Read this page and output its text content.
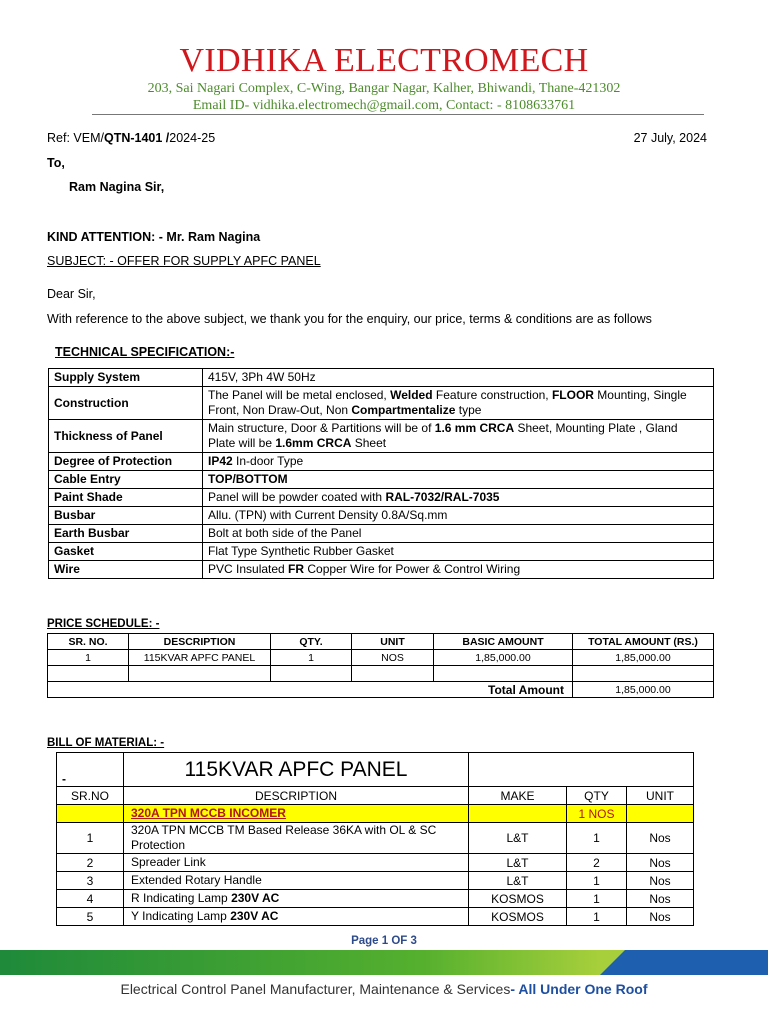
VIDHIKA ELECTROMECH
203, Sai Nagari Complex, C-Wing, Bangar Nagar, Kalher, Bhiwandi, Thane-421302
Email ID- vidhika.electromech@gmail.com, Contact: - 8108633761
Ref: VEM/QTN-1401 /2024-25	27 July, 2024
To,
Ram Nagina Sir,
KIND ATTENTION: - Mr. Ram Nagina
SUBJECT: - OFFER FOR SUPPLY APFC PANEL
Dear Sir,
With reference to the above subject, we thank you for the enquiry, our price, terms & conditions are as follows
TECHNICAL SPECIFICATION:-
Supply System	415V, 3Ph 4W 50Hz
Construction	The Panel will be metal enclosed, Welded Feature construction, FLOOR Mounting, Single Front, Non Draw-Out, Non Compartmentalize type
Thickness of Panel	Main structure, Door & Partitions will be of 1.6 mm CRCA Sheet, Mounting Plate , Gland Plate will be 1.6mm CRCA Sheet
Degree of Protection	IP42 In-door Type
Cable Entry	TOP/BOTTOM
Paint Shade	Panel will be powder coated with RAL-7032/RAL-7035
Busbar	Allu. (TPN) with Current Density 0.8A/Sq.mm
Earth Busbar	Bolt at both side of the Panel
Gasket	Flat Type Synthetic Rubber Gasket
Wire	PVC Insulated FR Copper Wire for Power & Control Wiring
PRICE SCHEDULE: -
SR. NO.	DESCRIPTION	QTY.	UNIT	BASIC AMOUNT	TOTAL AMOUNT (RS.)
1	115KVAR APFC PANEL	1	NOS	1,85,000.00	1,85,000.00

Total Amount					1,85,000.00
BILL OF MATERIAL: -
-	115KVAR APFC PANEL			
SR.NO	DESCRIPTION	MAKE	QTY	UNIT
	320A TPN MCCB INCOMER		1 NOS	
1	320A TPN MCCB TM Based Release 36KA with OL & SC Protection	L&T	1	Nos
2	Spreader Link	L&T	2	Nos
3	Extended Rotary Handle	L&T	1	Nos
4	R Indicating Lamp 230V AC	KOSMOS	1	Nos
5	Y Indicating Lamp 230V AC	KOSMOS	1	Nos
Page 1 OF 3
Electrical Control Panel Manufacturer, Maintenance & Services- All Under One Roof
